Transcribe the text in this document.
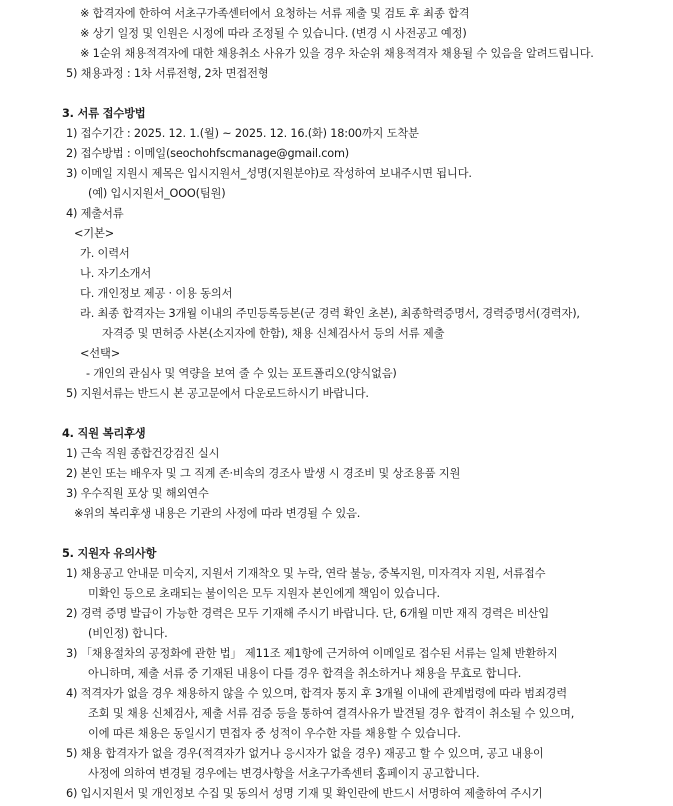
※ 합격자에 한하여 서초구가족센터에서 요청하는 서류 제출 및 검토 후 최종 합격
※ 상기 일정 및 인원은 시정에 따라 조정될 수 있습니다. (변경 시 사전공고 예정)
※ 1순위 채용적격자에 대한 채용취소 사유가 있을 경우 차순위 채용적격자 채용될 수 있음을 알려드립니다.
5) 채용과정 : 1차 서류전형, 2차 면접전형
3. 서류 접수방법
1) 접수기간 : 2025. 12. 1.(월) ~ 2025. 12. 16.(화) 18:00까지 도착분
2) 접수방법 : 이메일(seochohfscmanage@gmail.com)
3) 이메일 지원시 제목은 입시지원서_성명(지원분야)로 작성하여 보내주시면 됩니다.
(예) 입시지원서_OOO(팀원)
4) 제출서류
<기본>
가. 이력서
나. 자기소개서
다. 개인정보 제공 · 이용 동의서
라. 최종 합격자는 3개월 이내의 주민등록등본(군 경력 확인 초본), 최종학력증명서, 경력증명서(경력자),
자격증 및 면허증 사본(소지자에 한함), 채용 신체검사서 등의 서류 제출
<선택>
- 개인의 관심사 및 역량을 보여 줄 수 있는 포트폴리오(양식없음)
5) 지원서류는 반드시 본 공고문에서 다운로드하시기 바랍니다.
4. 직원 복리후생
1) 근속 직원 종합건강검진 실시
2) 본인 또는 배우자 및 그 직계 존·비속의 경조사 발생 시 경조비 및 상조용품 지원
3) 우수직원 포상 및 해외연수
※위의 복리후생 내용은 기관의 사정에 따라 변경될 수 있음.
5. 지원자 유의사항
1) 채용공고 안내문 미숙지, 지원서 기재착오 및 누락, 연락 불능, 중복지원, 미자격자 지원, 서류접수
미확인 등으로 초래되는 불이익은 모두 지원자 본인에게 책임이 있습니다.
2) 경력 증명 발급이 가능한 경력은 모두 기재해 주시기 바랍니다. 단, 6개월 미만 재직 경력은 비산입
(비인정) 합니다.
3) 「채용절차의 공정화에 관한 법」 제11조 제1항에 근거하여 이메일로 접수된 서류는 일체 반환하지
아니하며, 제출 서류 중 기재된 내용이 다를 경우 합격을 취소하거나 채용을 무효로 합니다.
4) 적격자가 없을 경우 채용하지 않을 수 있으며, 합격자 통지 후 3개월 이내에 관계법령에 따라 범죄경력
조회 및 채용 신체검사, 제출 서류 검증 등을 통하여 결격사유가 발견될 경우 합격이 취소될 수 있으며,
이에 따른 채용은 동일시기 면접자 중 성적이 우수한 자를 채용할 수 있습니다.
5) 채용 합격자가 없을 경우(적격자가 없거나 응시자가 없을 경우) 재공고 할 수 있으며, 공고 내용이
사정에 의하여 변경될 경우에는 변경사항을 서초구가족센터 홈페이지 공고합니다.
6) 입시지원서 및 개인정보 수집 및 동의서 성명 기재 및 확인란에 반드시 서명하여 제출하여 주시기
